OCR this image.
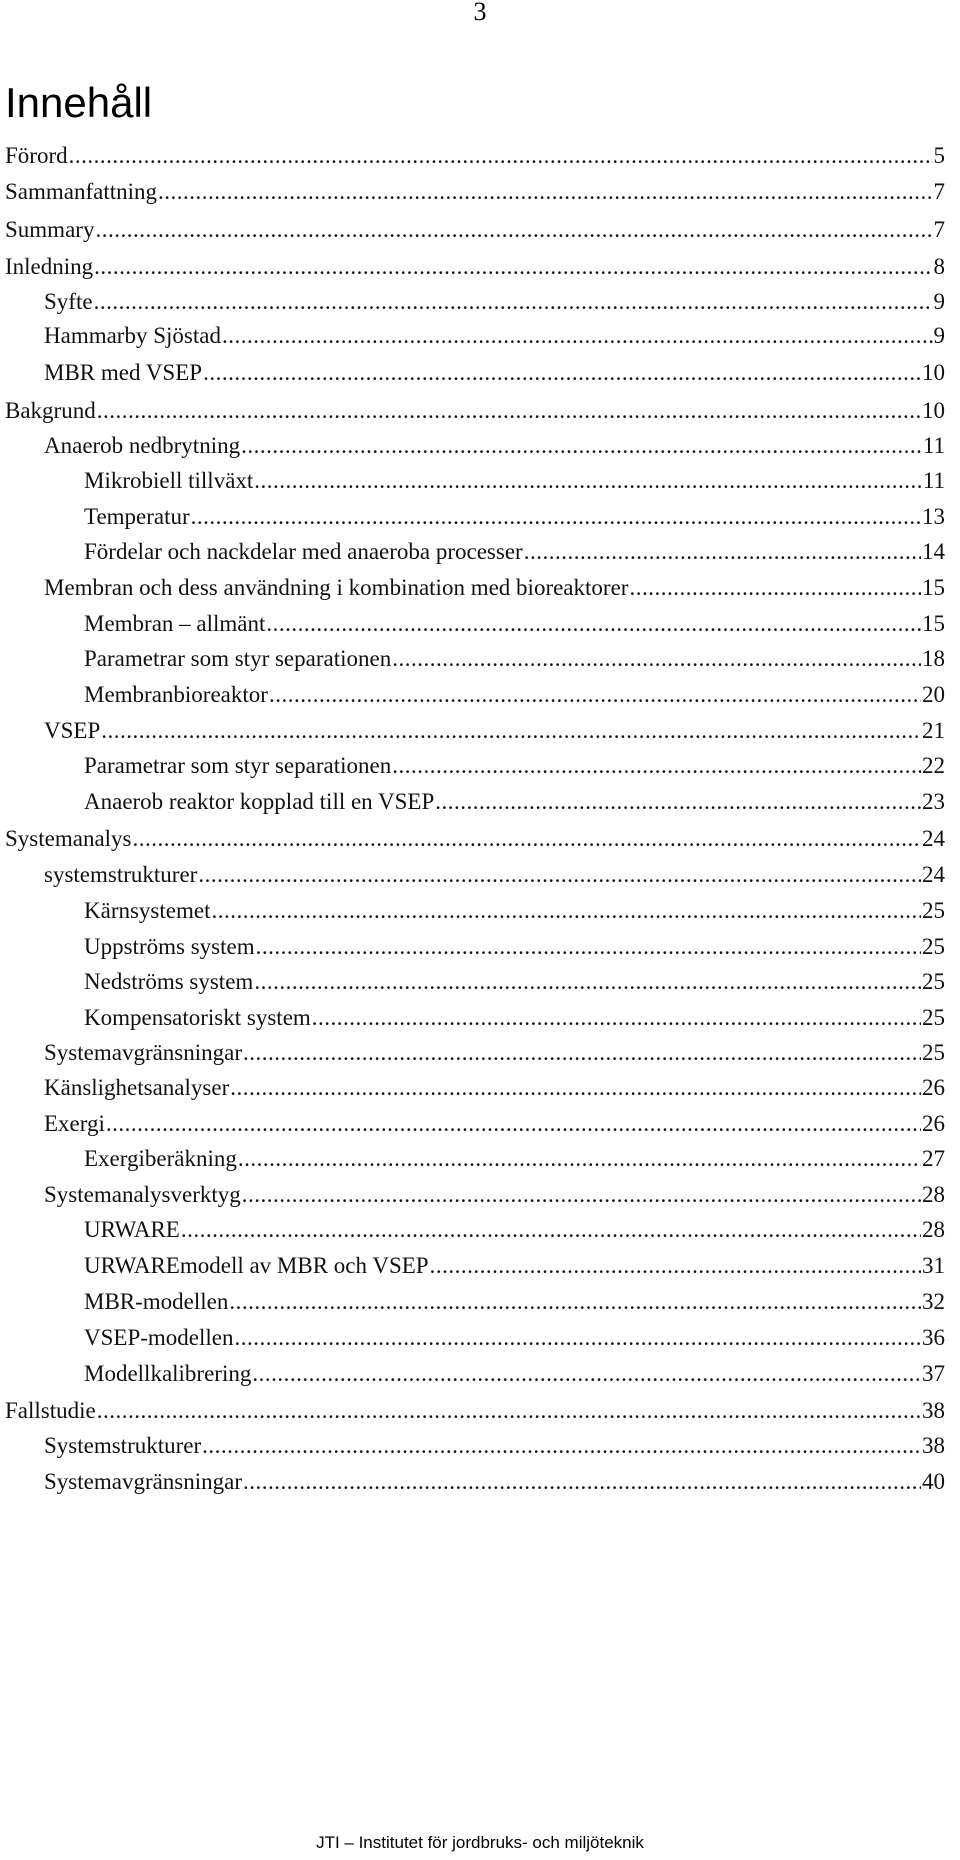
3
Innehåll
Förord .....	5
Sammanfattning .....	7
Summary .....	7
Inledning .....	8
Syfte .....	9
Hammarby Sjöstad .....	9
MBR med VSEP .....	10
Bakgrund .....	10
Anaerob nedbrytning .....	11
Mikrobiell tillväxt .....	11
Temperatur .....	13
Fördelar och nackdelar med anaeroba processer .....	14
Membran och dess användning i kombination med bioreaktorer .....	15
Membran – allmänt .....	15
Parametrar som styr separationen .....	18
Membranbioreaktor .....	20
VSEP .....	21
Parametrar som styr separationen .....	22
Anaerob reaktor kopplad till en VSEP .....	23
Systemanalys .....	24
systemstrukturer .....	24
Kärnsystemet .....	25
Uppströms system .....	25
Nedströms system .....	25
Kompensatoriskt system .....	25
Systemavgränsningar .....	25
Känslighetsanalyser .....	26
Exergi .....	26
Exergiberäkning .....	27
Systemanalysverktyg .....	28
URWARE .....	28
URWAREmodell av MBR och VSEP .....	31
MBR-modellen .....	32
VSEP-modellen .....	36
Modellkalibrering .....	37
Fallstudie .....	38
Systemstrukturer .....	38
Systemavgränsningar .....	40
JTI – Institutet för jordbruks- och miljöteknik
